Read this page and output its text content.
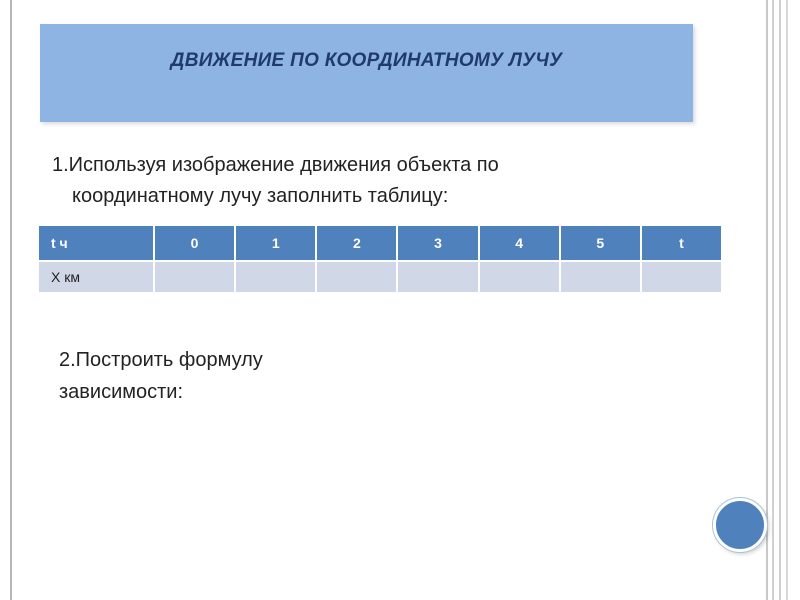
ДВИЖЕНИЕ ПО КООРДИНАТНОМУ ЛУЧУ
1.Используя изображение движения объекта по
координатному лучу заполнить таблицу:
t ч	0	1	2	3	4	5	t
X км							
2.Построить формулу
зависимости:
